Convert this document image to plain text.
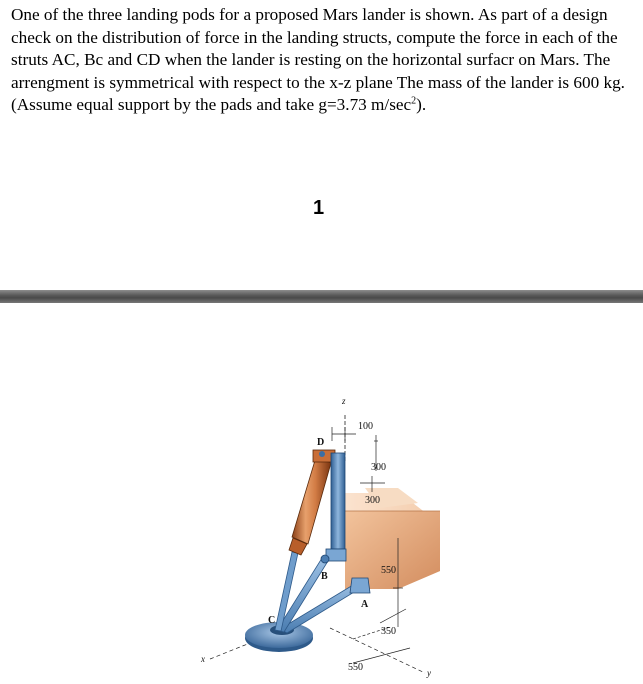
One of the three landing pods for a proposed Mars lander is shown. As part of a design check on the distribution of force in the landing structs, compute the force in each of the struts AC, Bc and CD when the lander is resting on the horizontal surfacr on Mars. The arrengment is symmetrical with respect to the x-z plane The mass of the lander is 600 kg. (Assume equal support by the pads and take g=3.73 $m/\sec^2$).
1
z
x
y
D
B
C
A
100
300
300
550
350
550
